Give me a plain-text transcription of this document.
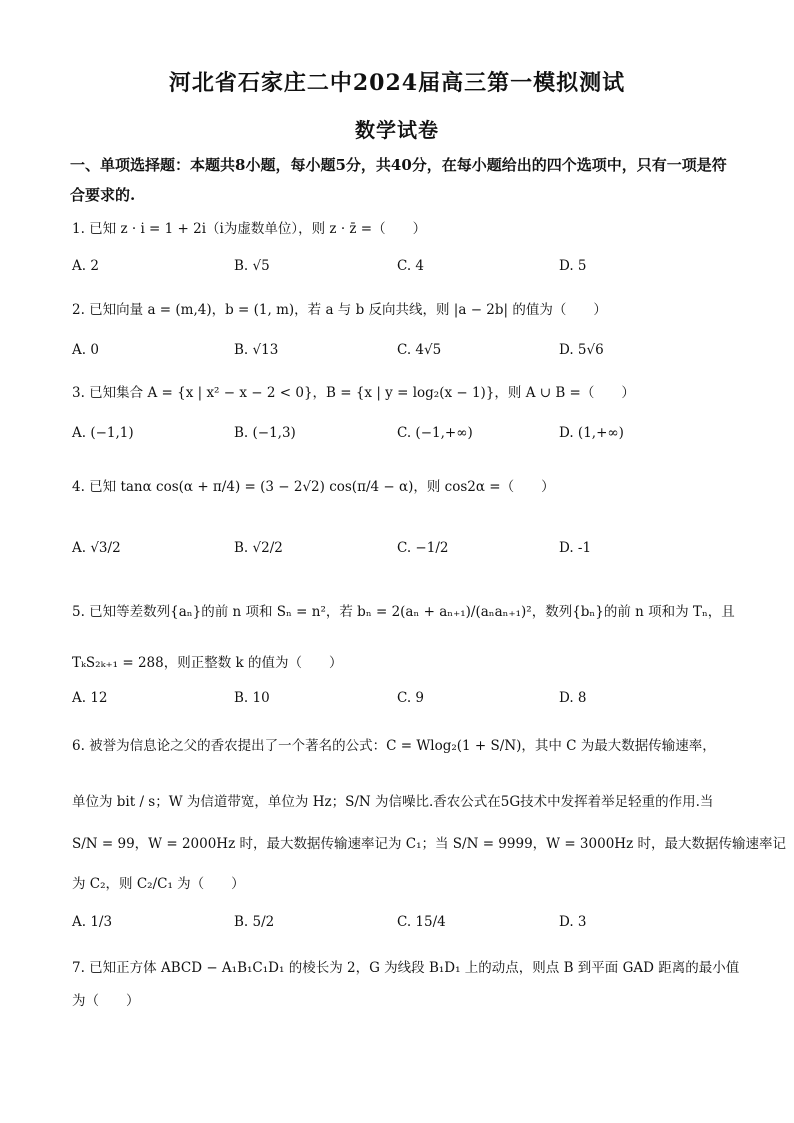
河北省石家庄二中2024届高三第一模拟测试
数学试卷
一、单项选择题：本题共8小题，每小题5分，共40分，在每小题给出的四个选项中，只有一项是符合要求的.
1. 已知 z · i = 1 + 2i（i为虚数单位），则 z · z̄ =（　　）
A. 2	B. √5	C. 4	D. 5
2. 已知向量 a = (m,4)，b = (1, m)，若 a 与 b 反向共线，则 |a − 2b| 的值为（　　）
A. 0	B. √13	C. 4√5	D. 5√6
3. 已知集合 A = {x | x² − x − 2 < 0}，B = {x | y = log₂(x − 1)}，则 A ∪ B =（　　）
A. (−1,1)	B. (−1,3)	C. (−1,+∞)	D. (1,+∞)
4. 已知 tanα cos(α + π/4) = (3 − 2√2) cos(π/4 − α)，则 cos2α =（　　）
A. √3/2	B. √2/2	C. −1/2	D. -1
5. 已知等差数列{aₙ}的前 n 项和 Sₙ = n²，若 bₙ = 2(aₙ + aₙ₊₁)/(aₙaₙ₊₁)²，数列{bₙ}的前 n 项和为 Tₙ，且
TₖS₂ₖ₊₁ = 288，则正整数 k 的值为（　　）
A. 12	B. 10	C. 9	D. 8
6. 被誉为信息论之父的香农提出了一个著名的公式：C = Wlog₂(1 + S/N)，其中 C 为最大数据传输速率，
单位为 bit / s；W 为信道带宽，单位为 Hz；S/N 为信噪比.香农公式在5G技术中发挥着举足轻重的作用.当
S/N = 99，W = 2000Hz 时，最大数据传输速率记为 C₁；当 S/N = 9999，W = 3000Hz 时，最大数据传输速率记
为 C₂，则 C₂/C₁ 为（　　）
A. 1/3	B. 5/2	C. 15/4	D. 3
7. 已知正方体 ABCD − A₁B₁C₁D₁ 的棱长为 2，G 为线段 B₁D₁ 上的动点，则点 B 到平面 GAD 距离的最小值
为（　　）
